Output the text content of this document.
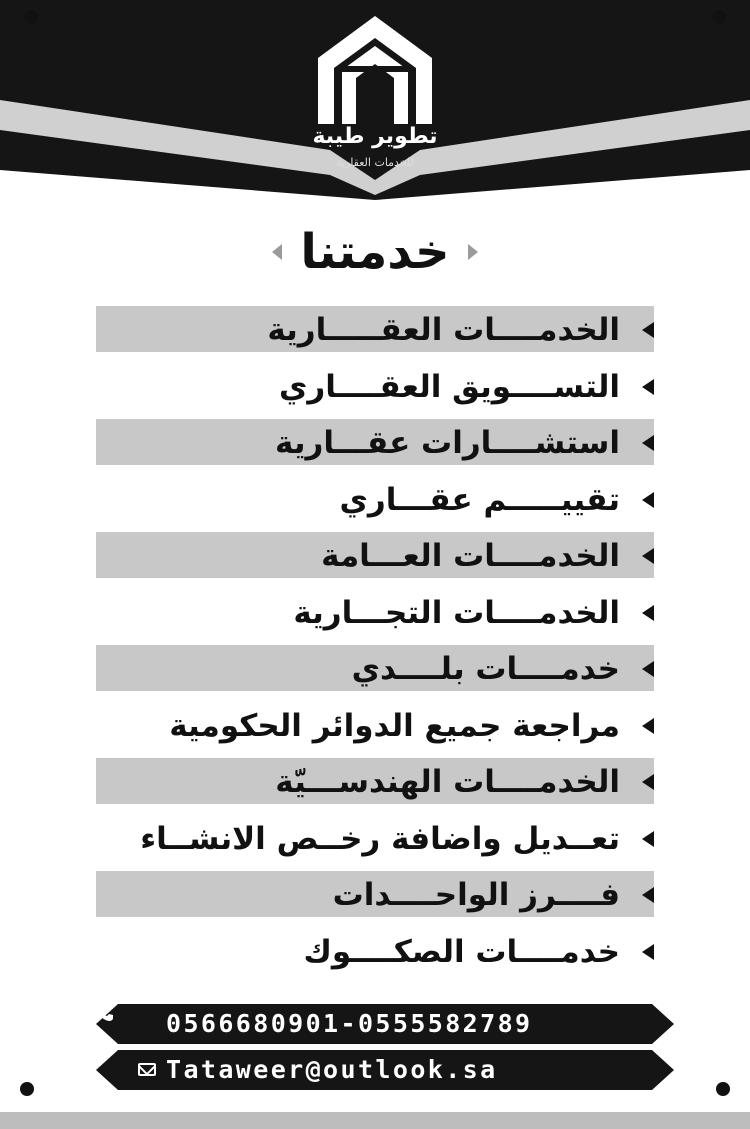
تطوير طيبة
للخدمات العقارية
خدمتنا
الخدمــــات العقـــــارية
التســــويق العقــــاري
استشــــارات عقـــارية
تقييـــــم عقـــاري
الخدمــــات العـــامة
الخدمــــات التجـــارية
خدمــــات بلــــدي
مراجعة جميع الدوائر الحكومية
الخدمــــات الهندســـيّة
تعــديل واضافة رخــص الانشــاء
فــــرز الواحــــدات
خدمــــات الصكــــوك
0566680901-0555582789
Tataweer@outlook.sa
